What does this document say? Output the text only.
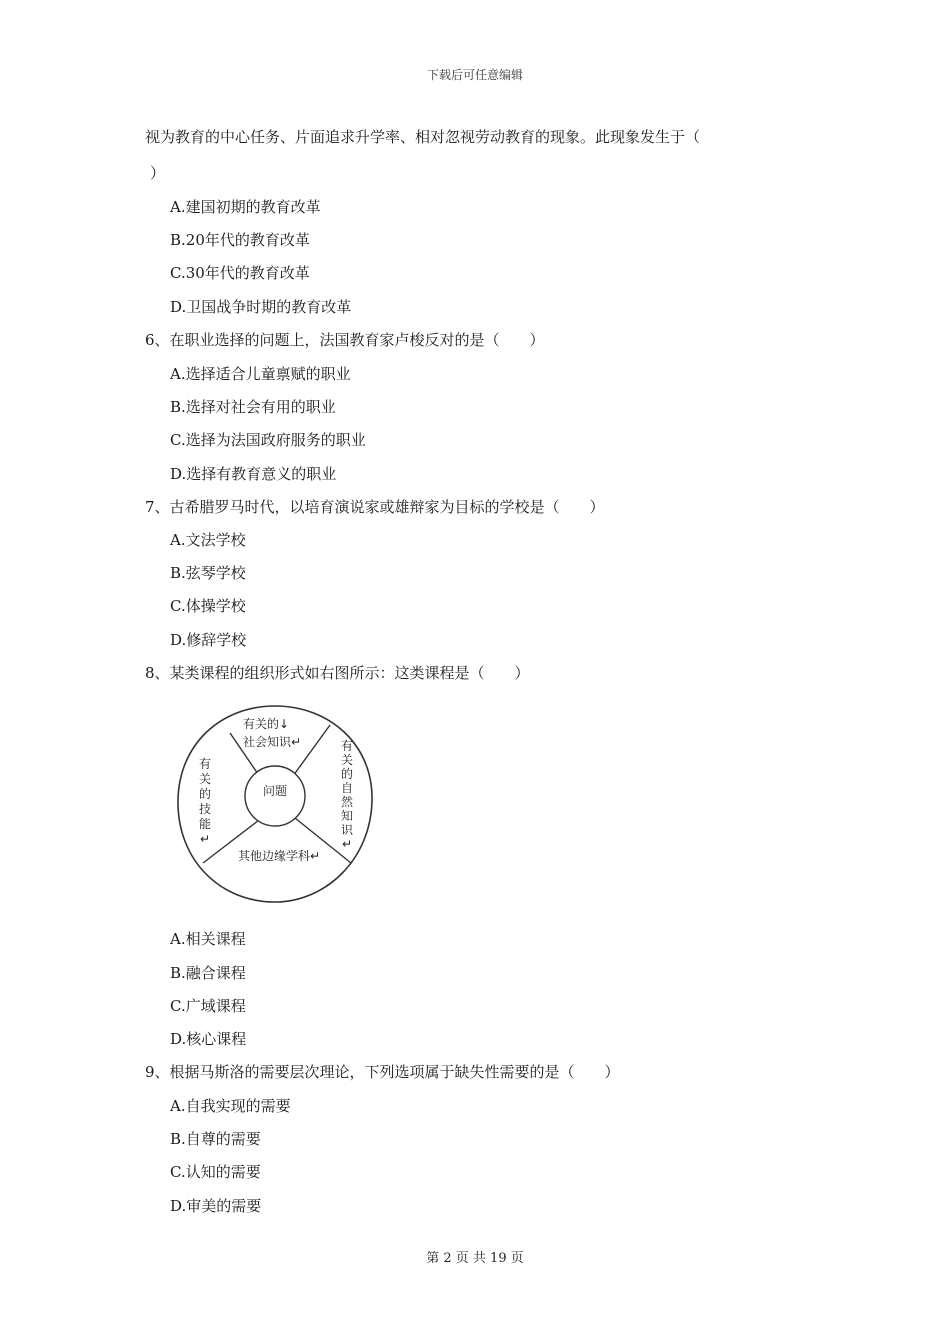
下载后可任意编辑
视为教育的中心任务、片面追求升学率、相对忽视劳动教育的现象。此现象发生于（
）
A.建国初期的教育改革
B.20年代的教育改革
C.30年代的教育改革
D.卫国战争时期的教育改革
6、在职业选择的问题上，法国教育家卢梭反对的是（　　）
A.选择适合儿童禀赋的职业
B.选择对社会有用的职业
C.选择为法国政府服务的职业
D.选择有教育意义的职业
7、古希腊罗马时代，以培育演说家或雄辩家为目标的学校是（　　）
A.文法学校
B.弦琴学校
C.体操学校
D.修辞学校
8、某类课程的组织形式如右图所示：这类课程是（　　）
问题
有关的↓
社会知识↵
其他边缘学科↵
有
关
的
自
然
知
识
↵
有
关
的
技
能
↵
A.相关课程
B.融合课程
C.广域课程
D.核心课程
9、根据马斯洛的需要层次理论，下列选项属于缺失性需要的是（　　）
A.自我实现的需要
B.自尊的需要
C.认知的需要
D.审美的需要
第 2 页 共 19 页
